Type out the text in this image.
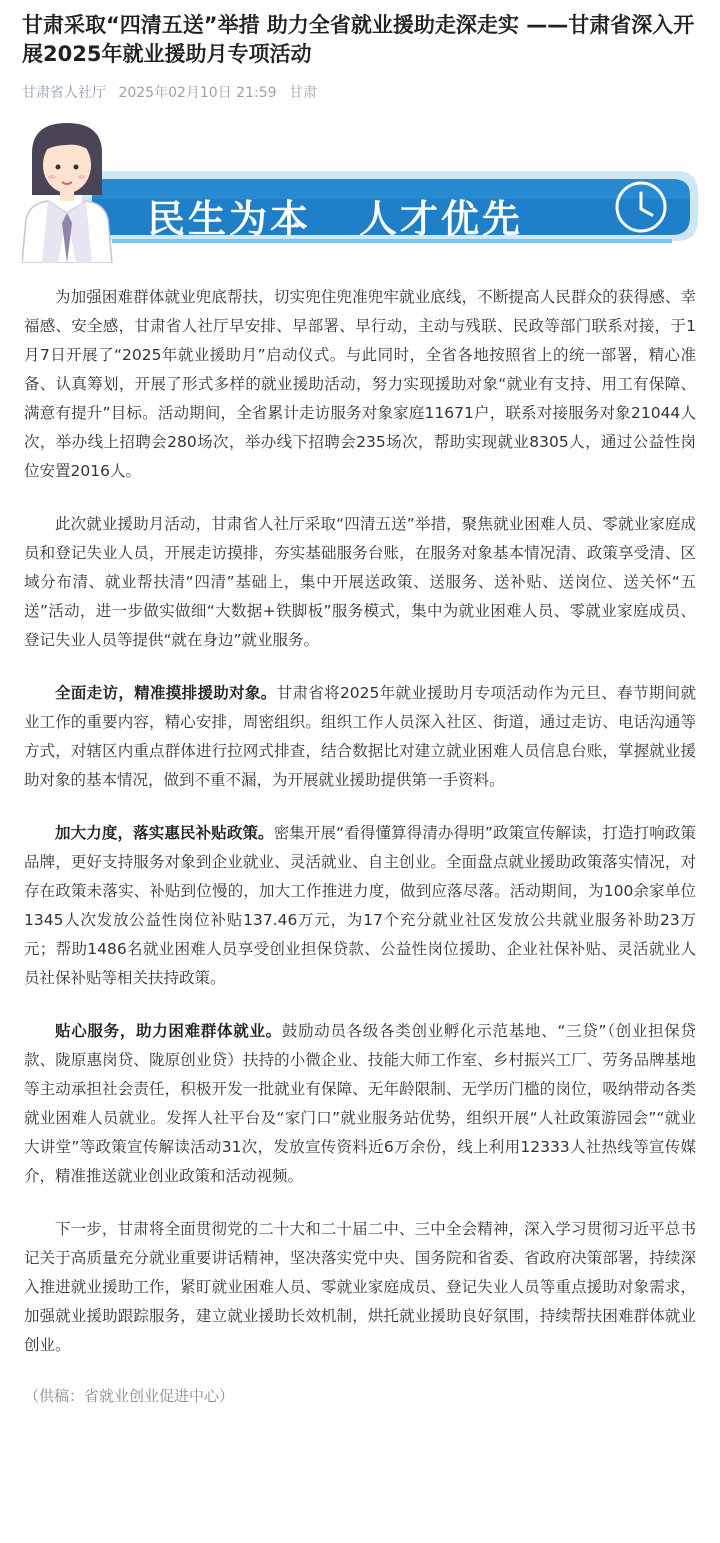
甘肃采取“四清五送”举措 助力全省就业援助走深走实 ——甘肃省深入开展2025年就业援助月专项活动
甘肃省人社厅 2025年02月10日 21:59 甘肃
民生为本 人才优先

为加强困难群体就业兜底帮扶，切实兜住兜准兜牢就业底线，不断提高人民群众的获得感、幸福感、安全感，甘肃省人社厅早安排、早部署、早行动，主动与残联、民政等部门联系对接，于1月7日开展了“2025年就业援助月”启动仪式。与此同时，全省各地按照省上的统一部署，精心准备、认真筹划，开展了形式多样的就业援助活动，努力实现援助对象“就业有支持、用工有保障、满意有提升”目标。活动期间，全省累计走访服务对象家庭11671户，联系对接服务对象21044人次，举办线上招聘会280场次，举办线下招聘会235场次，帮助实现就业8305人，通过公益性岗位安置2016人。

此次就业援助月活动，甘肃省人社厅采取“四清五送”举措，聚焦就业困难人员、零就业家庭成员和登记失业人员，开展走访摸排，夯实基础服务台账，在服务对象基本情况清、政策享受清、区域分布清、就业帮扶清“四清”基础上，集中开展送政策、送服务、送补贴、送岗位、送关怀“五送”活动，进一步做实做细“大数据+铁脚板”服务模式，集中为就业困难人员、零就业家庭成员、登记失业人员等提供“就在身边”就业服务。

全面走访，精准摸排援助对象。甘肃省将2025年就业援助月专项活动作为元旦、春节期间就业工作的重要内容，精心安排，周密组织。组织工作人员深入社区、街道，通过走访、电话沟通等方式，对辖区内重点群体进行拉网式排查，结合数据比对建立就业困难人员信息台账，掌握就业援助对象的基本情况，做到不重不漏，为开展就业援助提供第一手资料。

加大力度，落实惠民补贴政策。密集开展“看得懂算得清办得明”政策宣传解读，打造打响政策品牌，更好支持服务对象到企业就业、灵活就业、自主创业。全面盘点就业援助政策落实情况，对存在政策未落实、补贴到位慢的，加大工作推进力度，做到应落尽落。活动期间，为100余家单位1345人次发放公益性岗位补贴137.46万元，为17个充分就业社区发放公共就业服务补助23万元；帮助1486名就业困难人员享受创业担保贷款、公益性岗位援助、企业社保补贴、灵活就业人员社保补贴等相关扶持政策。

贴心服务，助力困难群体就业。鼓励动员各级各类创业孵化示范基地、“三贷”（创业担保贷款、陇原惠岗贷、陇原创业贷）扶持的小微企业、技能大师工作室、乡村振兴工厂、劳务品牌基地等主动承担社会责任，积极开发一批就业有保障、无年龄限制、无学历门槛的岗位，吸纳带动各类就业困难人员就业。发挥人社平台及“家门口”就业服务站优势，组织开展“人社政策游园会”“就业大讲堂”等政策宣传解读活动31次，发放宣传资料近6万余份，线上利用12333人社热线等宣传媒介，精准推送就业创业政策和活动视频。

下一步，甘肃将全面贯彻党的二十大和二十届二中、三中全会精神，深入学习贯彻习近平总书记关于高质量充分就业重要讲话精神，坚决落实党中央、国务院和省委、省政府决策部署，持续深入推进就业援助工作，紧盯就业困难人员、零就业家庭成员、登记失业人员等重点援助对象需求，加强就业援助跟踪服务，建立就业援助长效机制，烘托就业援助良好氛围，持续帮扶困难群体就业创业。

（供稿：省就业创业促进中心）
